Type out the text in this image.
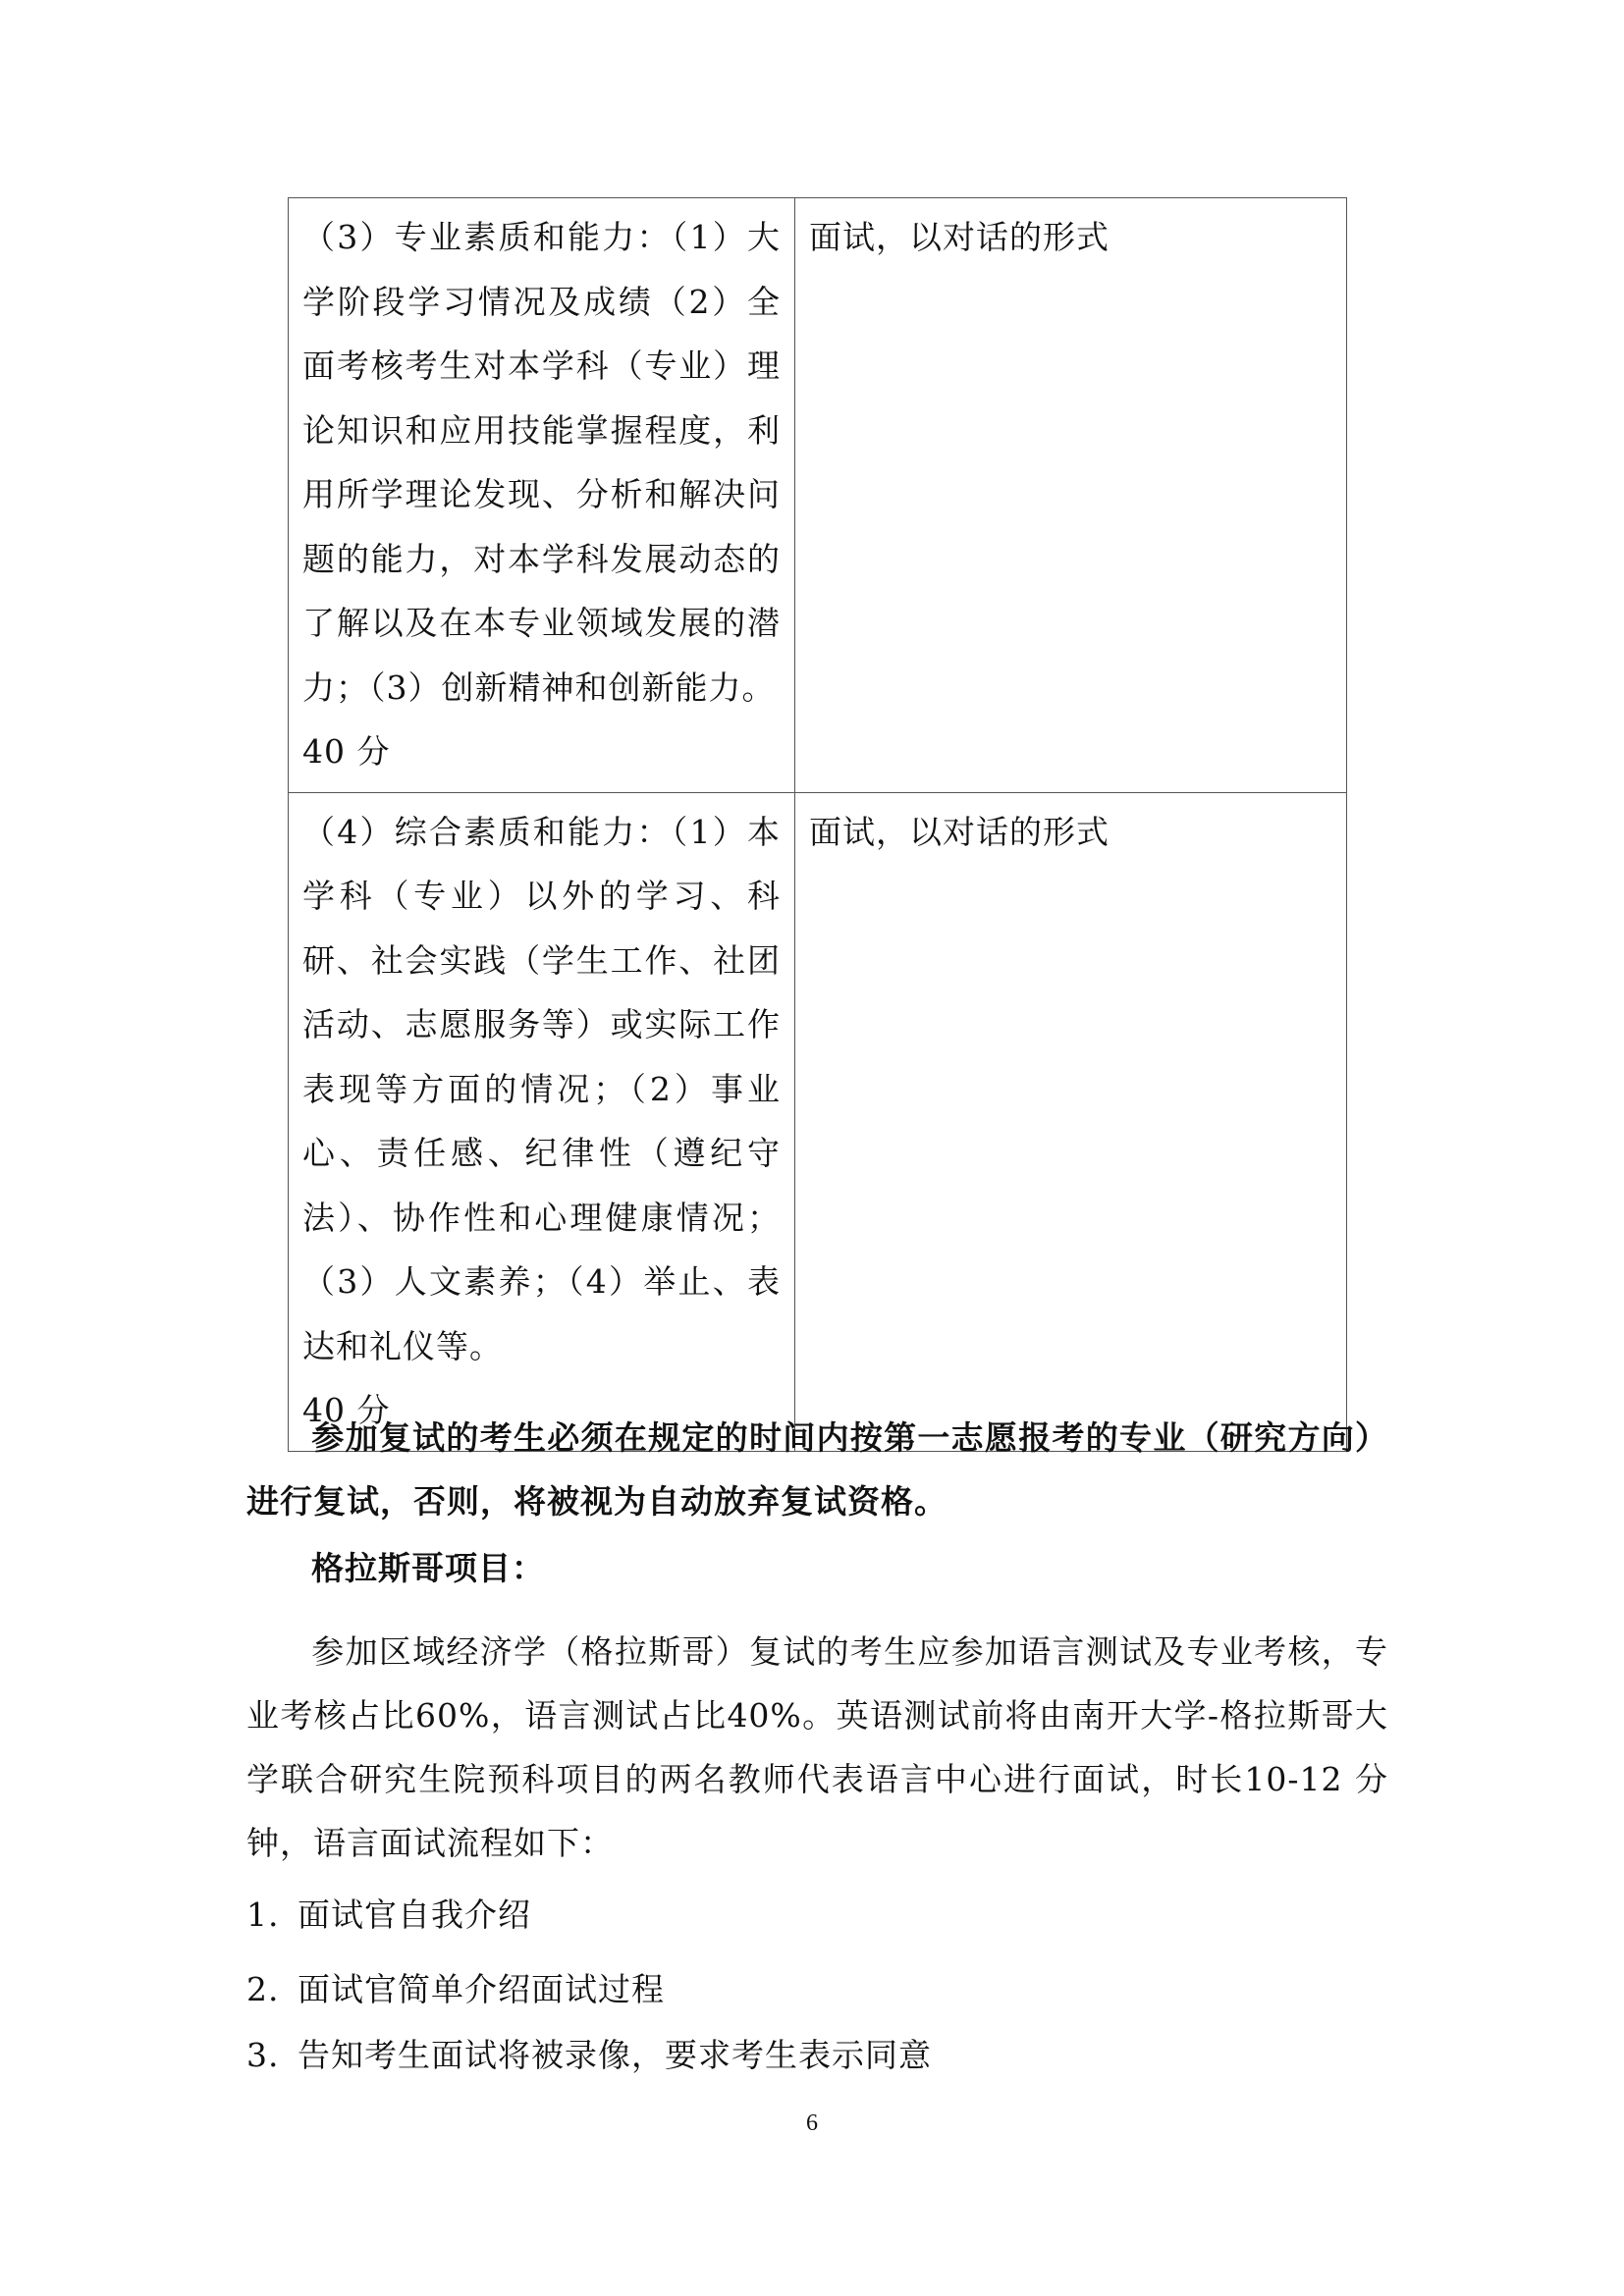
（3）专业素质和能力：（1）大学阶段学习情况及成绩（2）全面考核考生对本学科（专业）理论知识和应用技能掌握程度，利用所学理论发现、分析和解决问题的能力，对本学科发展动态的了解以及在本专业领域发展的潜力；（3）创新精神和创新能力。
40 分	面试，以对话的形式
（4）综合素质和能力：（1）本学科（专业）以外的学习、科研、社会实践（学生工作、社团活动、志愿服务等）或实际工作表现等方面的情况；（2）事业心、责任感、纪律性（遵纪守法）、协作性和心理健康情况；（3）人文素养；（4）举止、表达和礼仪等。
40 分	面试，以对话的形式

参加复试的考生必须在规定的时间内按第一志愿报考的专业（研究方向）进行复试，否则，将被视为自动放弃复试资格。

格拉斯哥项目：

参加区域经济学（格拉斯哥）复试的考生应参加语言测试及专业考核，专业考核占比60%，语言测试占比40%。英语测试前将由南开大学-格拉斯哥大学联合研究生院预科项目的两名教师代表语言中心进行面试，时长10-12 分钟，语言面试流程如下：

1. 面试官自我介绍
2. 面试官简单介绍面试过程
3. 告知考生面试将被录像，要求考生表示同意
6
